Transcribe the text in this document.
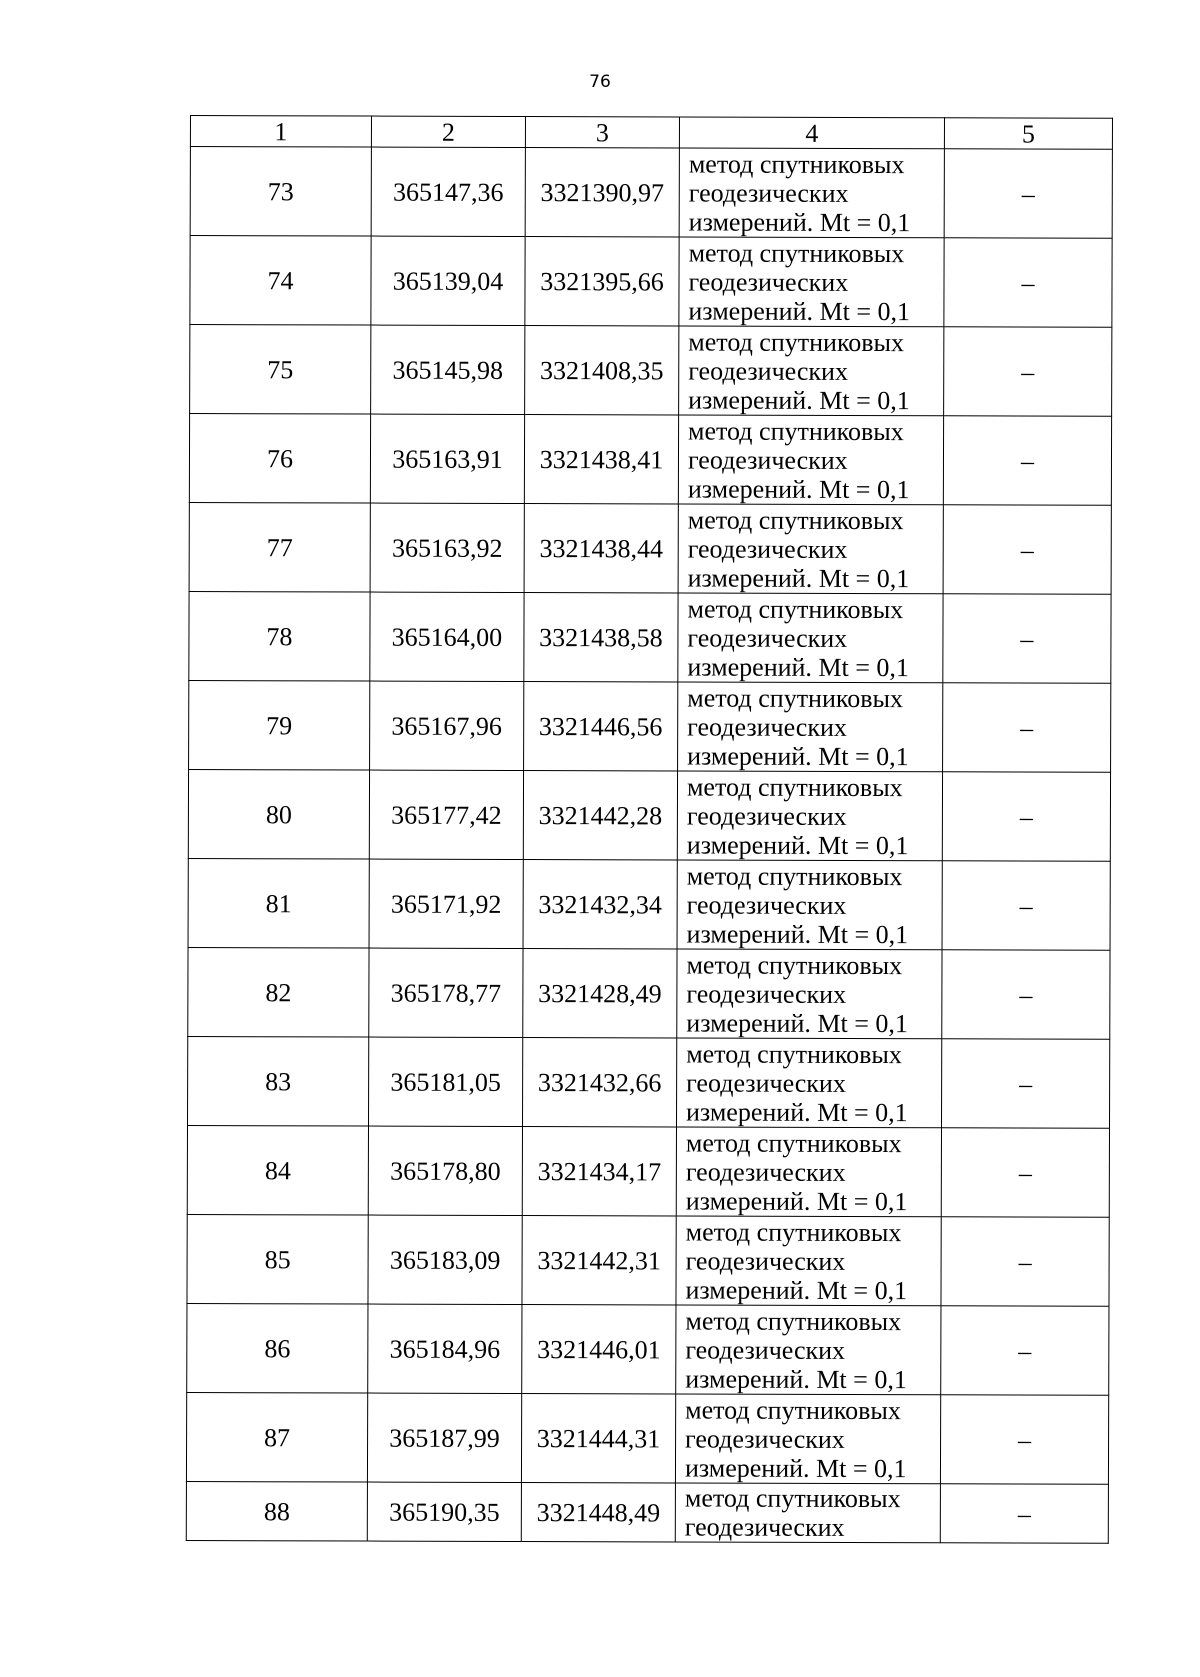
76
1	2	3	4	5
73	365147,36	3321390,97	метод спутниковых
геодезических
измерений. Mt = 0,1	–
74	365139,04	3321395,66	метод спутниковых
геодезических
измерений. Mt = 0,1	–
75	365145,98	3321408,35	метод спутниковых
геодезических
измерений. Mt = 0,1	–
76	365163,91	3321438,41	метод спутниковых
геодезических
измерений. Mt = 0,1	–
77	365163,92	3321438,44	метод спутниковых
геодезических
измерений. Mt = 0,1	–
78	365164,00	3321438,58	метод спутниковых
геодезических
измерений. Mt = 0,1	–
79	365167,96	3321446,56	метод спутниковых
геодезических
измерений. Mt = 0,1	–
80	365177,42	3321442,28	метод спутниковых
геодезических
измерений. Mt = 0,1	–
81	365171,92	3321432,34	метод спутниковых
геодезических
измерений. Mt = 0,1	–
82	365178,77	3321428,49	метод спутниковых
геодезических
измерений. Mt = 0,1	–
83	365181,05	3321432,66	метод спутниковых
геодезических
измерений. Mt = 0,1	–
84	365178,80	3321434,17	метод спутниковых
геодезических
измерений. Mt = 0,1	–
85	365183,09	3321442,31	метод спутниковых
геодезических
измерений. Mt = 0,1	–
86	365184,96	3321446,01	метод спутниковых
геодезических
измерений. Mt = 0,1	–
87	365187,99	3321444,31	метод спутниковых
геодезических
измерений. Mt = 0,1	–
88	365190,35	3321448,49	метод спутниковых
геодезических	–
